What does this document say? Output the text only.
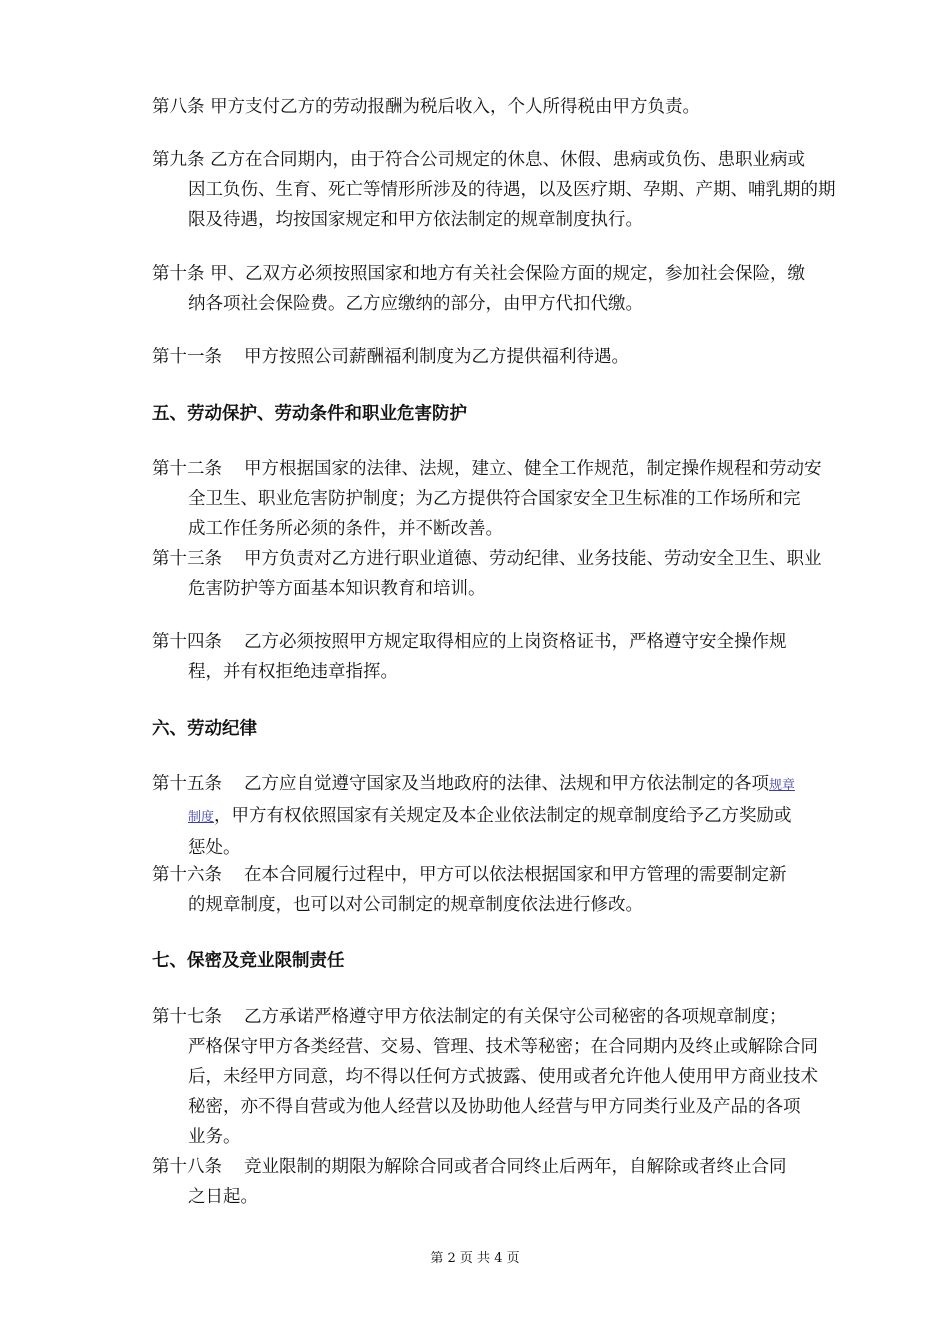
第八条 甲方支付乙方的劳动报酬为税后收入，个人所得税由甲方负责。
第九条 乙方在合同期内，由于符合公司规定的休息、休假、患病或负伤、患职业病或
因工负伤、生育、死亡等情形所涉及的待遇，以及医疗期、孕期、产期、哺乳期的期
限及待遇，均按国家规定和甲方依法制定的规章制度执行。
第十条 甲、乙双方必须按照国家和地方有关社会保险方面的规定，参加社会保险，缴
纳各项社会保险费。乙方应缴纳的部分，由甲方代扣代缴。
第十一条 甲方按照公司薪酬福利制度为乙方提供福利待遇。
五、劳动保护、劳动条件和职业危害防护
第十二条 甲方根据国家的法律、法规，建立、健全工作规范，制定操作规程和劳动安
全卫生、职业危害防护制度；为乙方提供符合国家安全卫生标准的工作场所和完
成工作任务所必须的条件，并不断改善。
第十三条 甲方负责对乙方进行职业道德、劳动纪律、业务技能、劳动安全卫生、职业
危害防护等方面基本知识教育和培训。
第十四条 乙方必须按照甲方规定取得相应的上岗资格证书，严格遵守安全操作规
程，并有权拒绝违章指挥。
六、劳动纪律
第十五条 乙方应自觉遵守国家及当地政府的法律、法规和甲方依法制定的各项规章
制度，甲方有权依照国家有关规定及本企业依法制定的规章制度给予乙方奖励或
惩处。
第十六条 在本合同履行过程中，甲方可以依法根据国家和甲方管理的需要制定新
的规章制度，也可以对公司制定的规章制度依法进行修改。
七、保密及竞业限制责任
第十七条 乙方承诺严格遵守甲方依法制定的有关保守公司秘密的各项规章制度；
严格保守甲方各类经营、交易、管理、技术等秘密；在合同期内及终止或解除合同
后，未经甲方同意，均不得以任何方式披露、使用或者允许他人使用甲方商业技术
秘密，亦不得自营或为他人经营以及协助他人经营与甲方同类行业及产品的各项
业务。
第十八条 竞业限制的期限为解除合同或者合同终止后两年，自解除或者终止合同
之日起。
第 2 页 共 4 页
